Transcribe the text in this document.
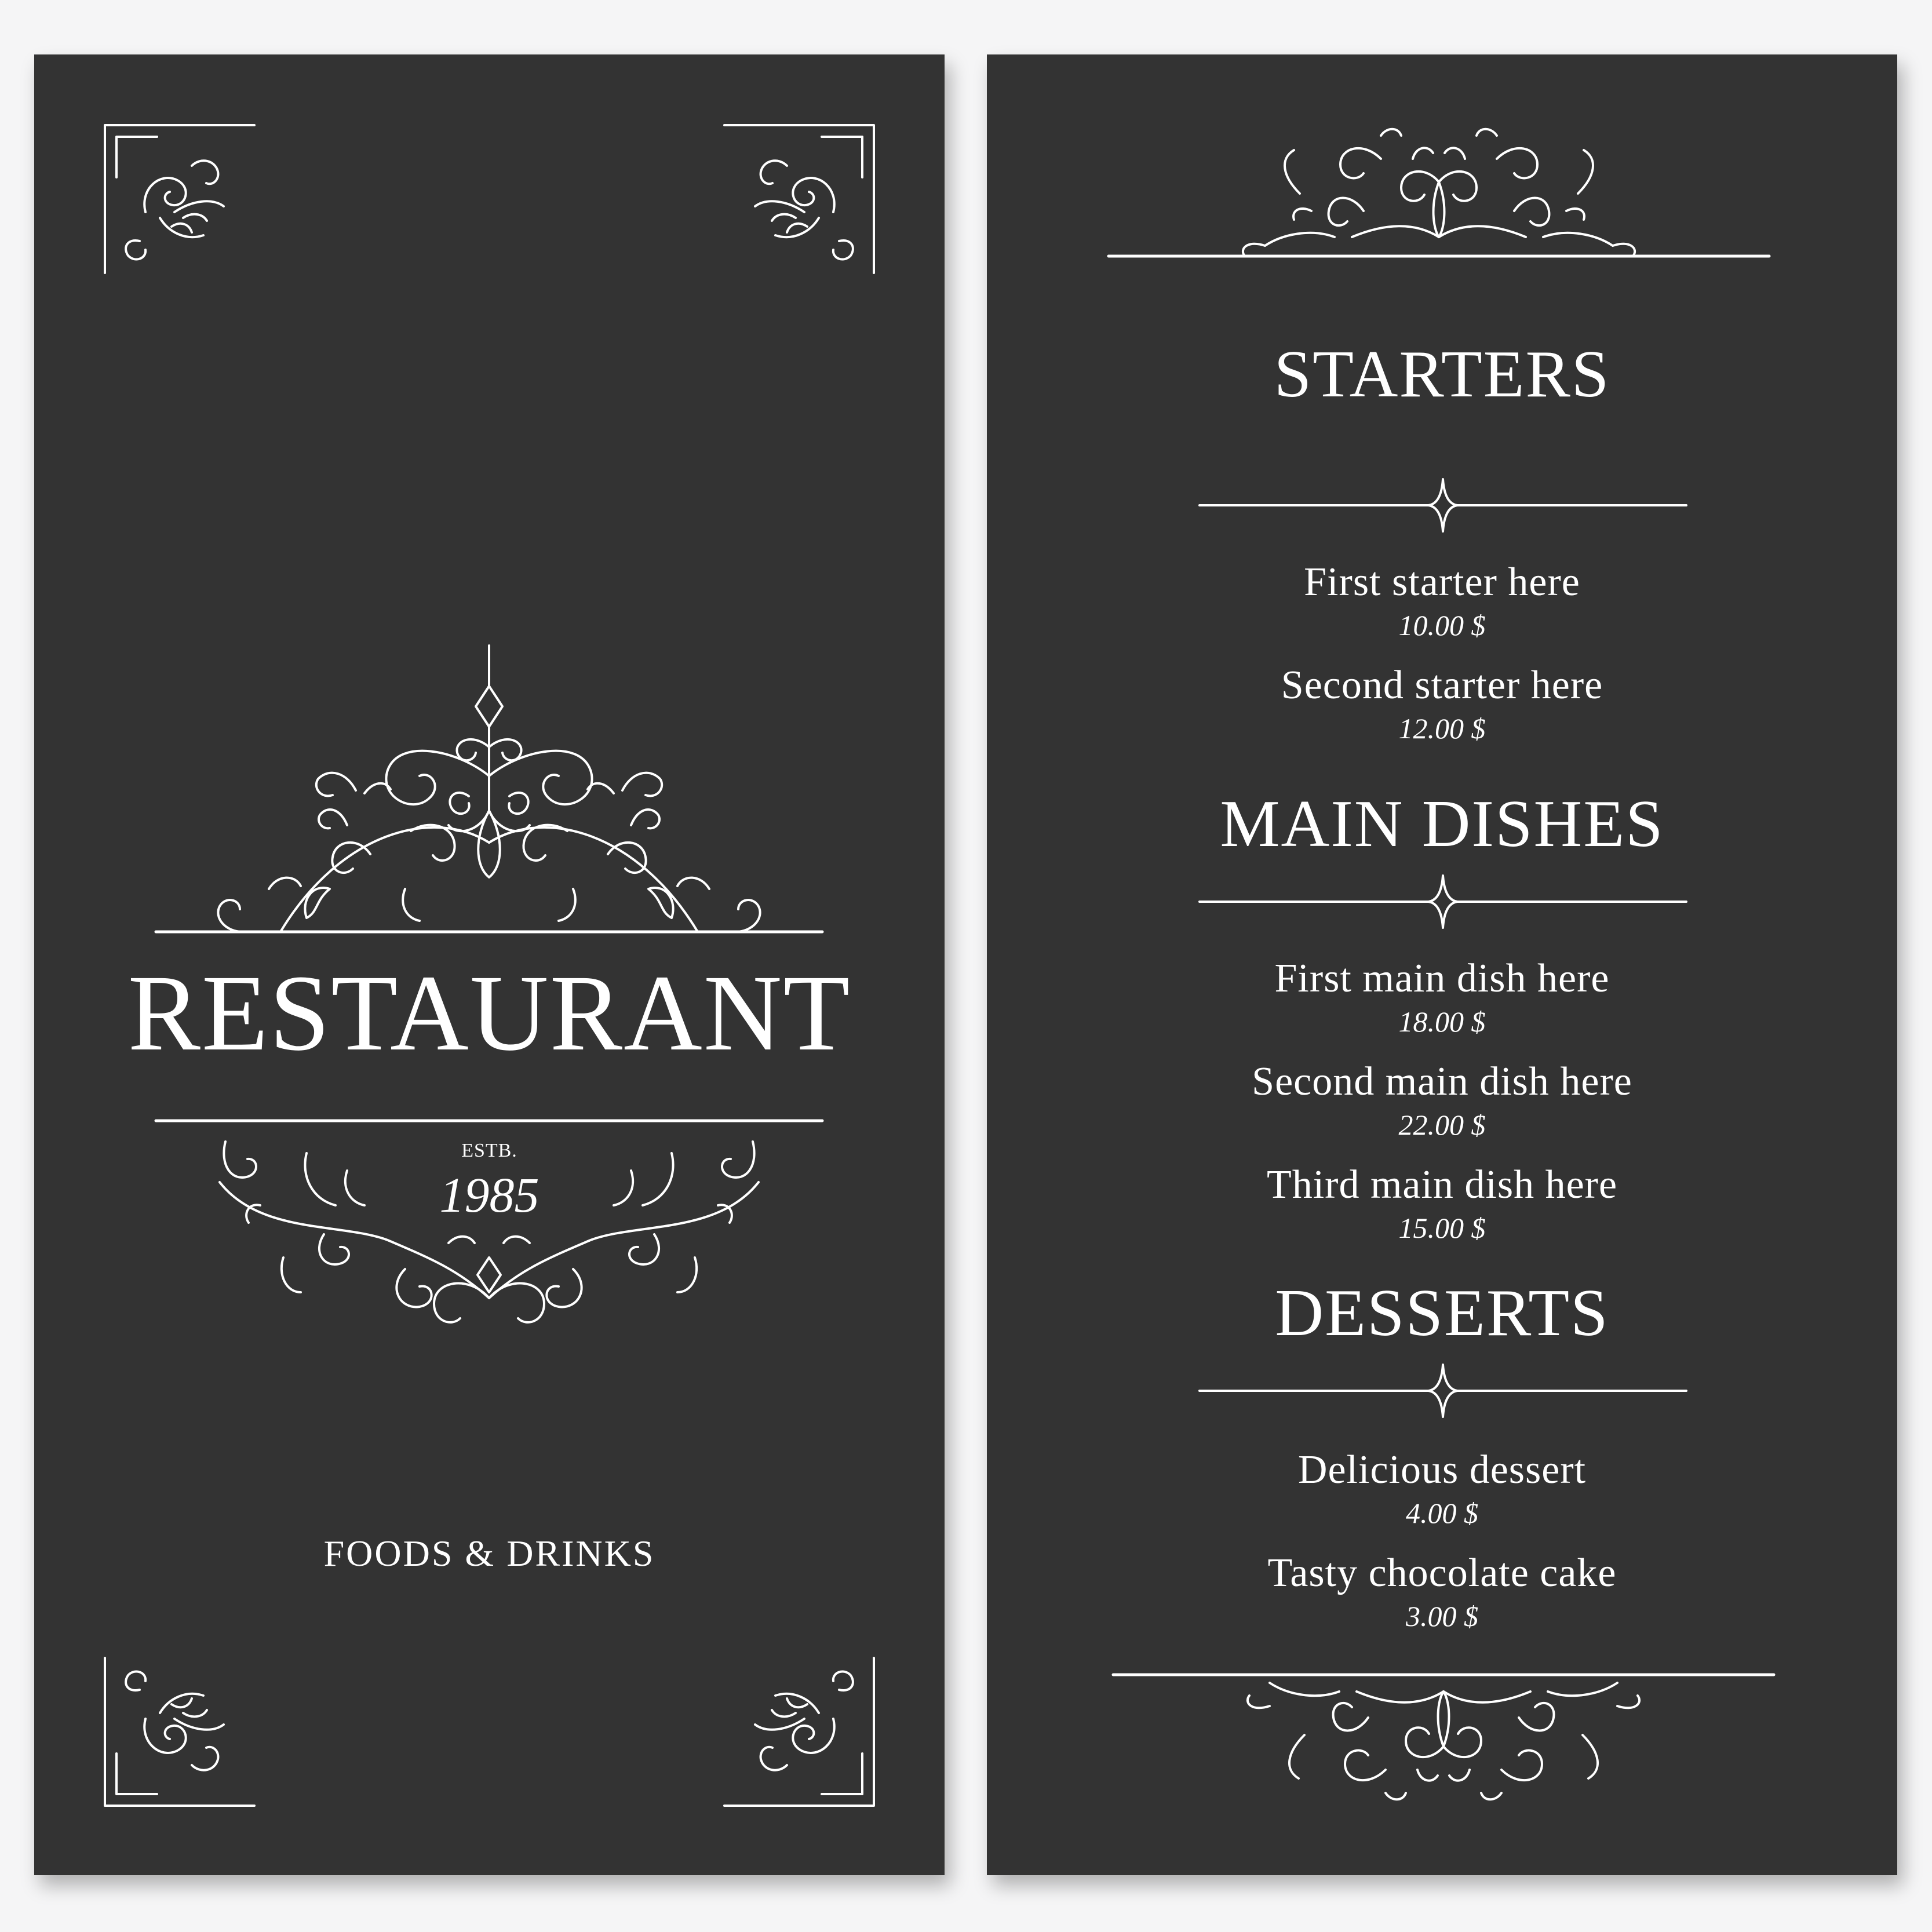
RESTAURANT
ESTB.
1985
FOODS & DRINKS
STARTERS
First starter here
10.00 $
Second starter here
12.00 $
MAIN DISHES
First main dish here
18.00 $
Second main dish here
22.00 $
Third main dish here
15.00 $
DESSERTS
Delicious dessert
4.00 $
Tasty chocolate cake
3.00 $
